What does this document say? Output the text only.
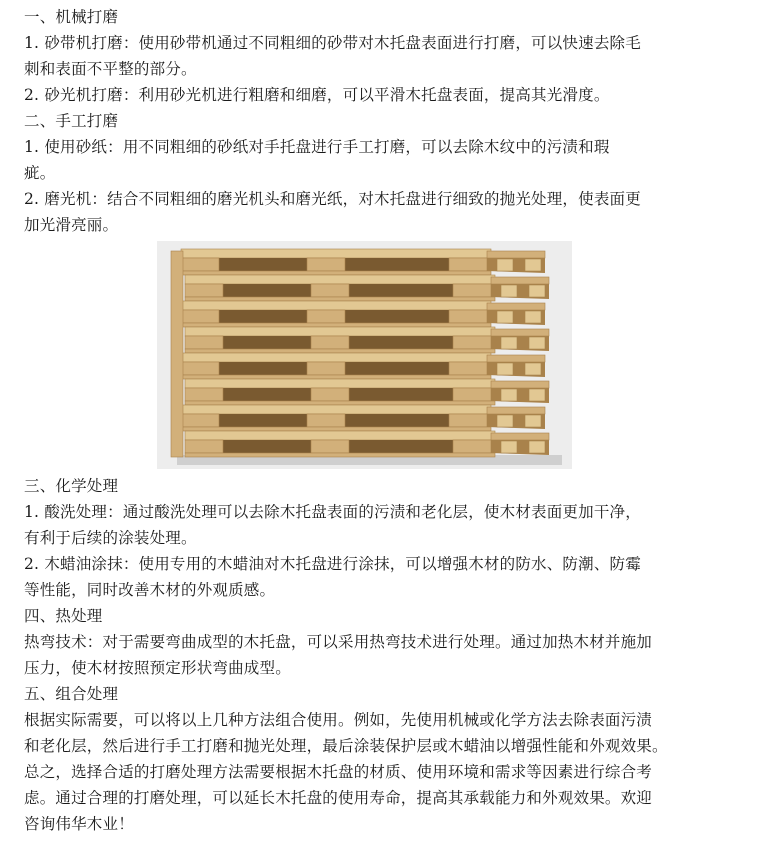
一、机械打磨
1. 砂带机打磨：使用砂带机通过不同粗细的砂带对木托盘表面进行打磨，可以快速去除毛
刺和表面不平整的部分。
2. 砂光机打磨：利用砂光机进行粗磨和细磨，可以平滑木托盘表面，提高其光滑度。
二、手工打磨
1. 使用砂纸：用不同粗细的砂纸对手托盘进行手工打磨，可以去除木纹中的污渍和瑕
疵。
2. 磨光机：结合不同粗细的磨光机头和磨光纸，对木托盘进行细致的抛光处理，使表面更
加光滑亮丽。
三、化学处理
1. 酸洗处理：通过酸洗处理可以去除木托盘表面的污渍和老化层，使木材表面更加干净，
有利于后续的涂装处理。
2. 木蜡油涂抹：使用专用的木蜡油对木托盘进行涂抹，可以增强木材的防水、防潮、防霉
等性能，同时改善木材的外观质感。
四、热处理
热弯技术：对于需要弯曲成型的木托盘，可以采用热弯技术进行处理。通过加热木材并施加
压力，使木材按照预定形状弯曲成型。
五、组合处理
根据实际需要，可以将以上几种方法组合使用。例如，先使用机械或化学方法去除表面污渍
和老化层，然后进行手工打磨和抛光处理，最后涂装保护层或木蜡油以增强性能和外观效果。
总之，选择合适的打磨处理方法需要根据木托盘的材质、使用环境和需求等因素进行综合考
虑。通过合理的打磨处理，可以延长木托盘的使用寿命，提高其承载能力和外观效果。欢迎
咨询伟华木业！
